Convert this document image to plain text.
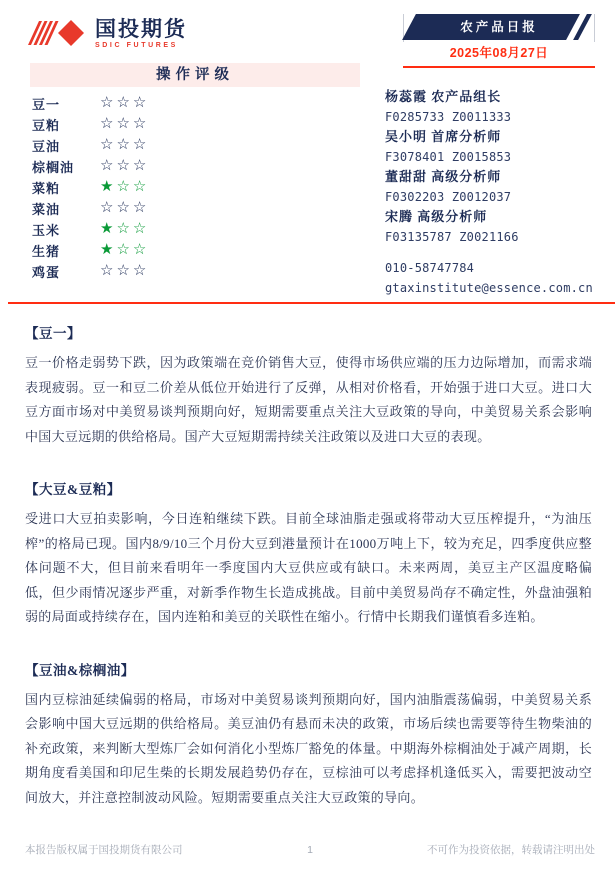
国投期货
SDIC FUTURES
农产品日报
2025年08月27日
操作评级
豆一	☆☆☆
豆粕	☆☆☆
豆油	☆☆☆
棕榈油	☆☆☆
菜粕	★☆☆
菜油	☆☆☆
玉米	★☆☆
生猪	★☆☆
鸡蛋	☆☆☆
杨蕊霞 农产品组长
F0285733 Z0011333
吴小明 首席分析师
F3078401 Z0015853
董甜甜 高级分析师
F0302203 Z0012037
宋腾 高级分析师
F03135787 Z0021166
010-58747784
gtaxinstitute@essence.com.cn
【豆一】
豆一价格走弱势下跌，因为政策端在竞价销售大豆，使得市场供应端的压力边际增加，而需求端表现疲弱。豆一和豆二价差从低位开始进行了反弹，从相对价格看，开始强于进口大豆。进口大豆方面市场对中美贸易谈判预期向好，短期需要重点关注大豆政策的导向，中美贸易关系会影响中国大豆远期的供给格局。国产大豆短期需持续关注政策以及进口大豆的表现。
【大豆&豆粕】
受进口大豆拍卖影响，今日连粕继续下跌。目前全球油脂走强或将带动大豆压榨提升，“为油压榨”的格局已现。国内8/9/10三个月份大豆到港量预计在1000万吨上下，较为充足，四季度供应整体问题不大，但目前来看明年一季度国内大豆供应或有缺口。未来两周，美豆主产区温度略偏低，但少雨情况逐步严重，对新季作物生长造成挑战。目前中美贸易尚存不确定性，外盘油强粕弱的局面或持续存在，国内连粕和美豆的关联性在缩小。行情中长期我们谨慎看多连粕。
【豆油&棕榈油】
国内豆棕油延续偏弱的格局，市场对中美贸易谈判预期向好，国内油脂震荡偏弱，中美贸易关系会影响中国大豆远期的供给格局。美豆油仍有悬而未决的政策，市场后续也需要等待生物柴油的补充政策，来判断大型炼厂会如何消化小型炼厂豁免的体量。中期海外棕榈油处于减产周期，长期角度看美国和印尼生柴的长期发展趋势仍存在，豆棕油可以考虑择机逢低买入，需要把波动空间放大，并注意控制波动风险。短期需要重点关注大豆政策的导向。
本报告版权属于国投期货有限公司	1	不可作为投资依据，转载请注明出处
